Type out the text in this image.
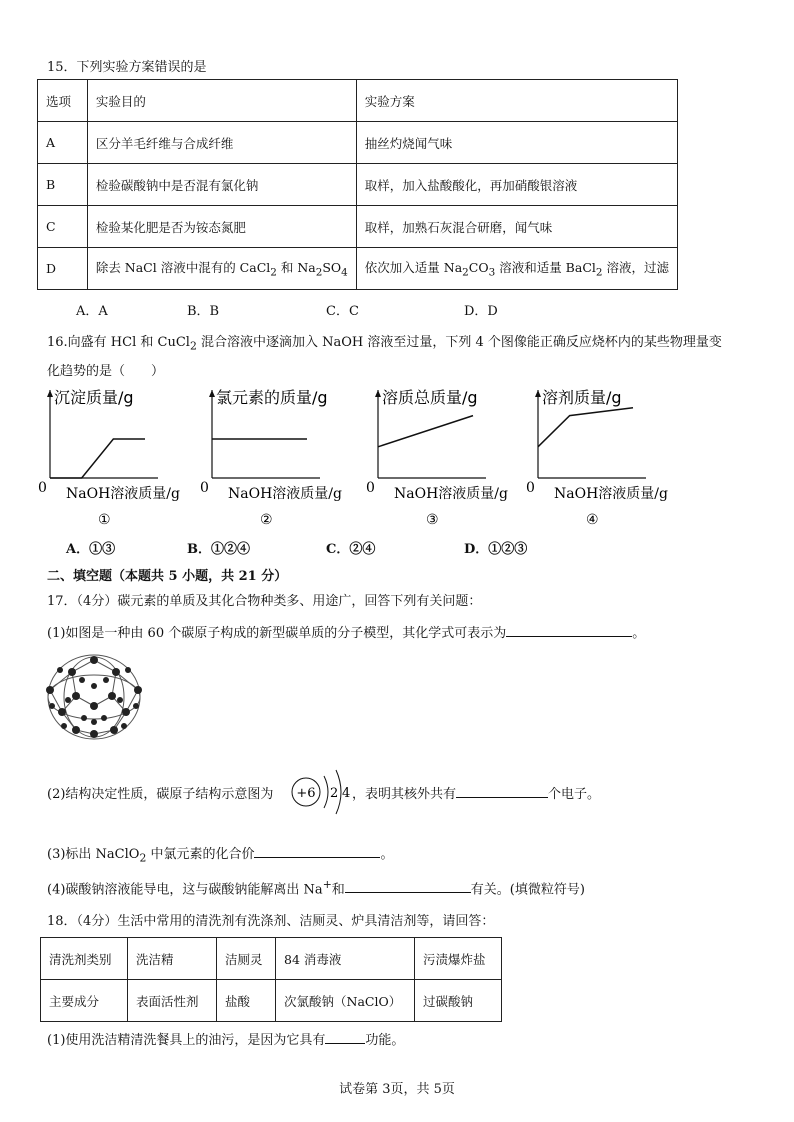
15．下列实验方案错误的是
选项	实验目的	实验方案
A	区分羊毛纤维与合成纤维	抽丝灼烧闻气味
B	检验碳酸钠中是否混有氯化钠	取样，加入盐酸酸化，再加硝酸银溶液
C	检验某化肥是否为铵态氮肥	取样，加熟石灰混合研磨，闻气味
D	除去 NaCl 溶液中混有的 CaCl$_2$ 和 $Na_2SO_4$	依次加入适量 $Na_2CO_3$ 溶液和适量 BaCl$_2$ 溶液，过滤
A．A	B．B	C．C	D．D
16.向盛有 HCl 和 CuCl$_2$ 混合溶液中逐滴加入 NaOH 溶液至过量，下列 4 个图像能正确反应烧杯内的某些物理量变
化趋势的是（　　）
沉淀质量/g
0 NaOH溶液质量/g
①
氯元素的质量/g
0 NaOH溶液质量/g
②
溶质总质量/g
0 NaOH溶液质量/g
③
溶剂质量/g
0 NaOH溶液质量/g
④
A．①③	B．①②④	C．②④	D．①②③
二、填空题（本题共 5 小题，共 21 分）
17．（4分）碳元素的单质及其化合物种类多、用途广，回答下列有关问题：
(1)如图是一种由 60 个碳原子构成的新型碳单质的分子模型，其化学式可表示为	。
(2)结构决定性质，碳原子结构示意图为 +6 2 4 ，表明其核外共有	个电子。
(3)标出 NaClO$_2$ 中氯元素的化合价	。
(4)碳酸钠溶液能导电，这与碳酸钠能解离出 Na+和	有关。(填微粒符号)
18．（4分）生活中常用的清洗剂有洗涤剂、洁厕灵、炉具清洁剂等，请回答：
清洗剂类别	洗洁精	洁厕灵	84 消毒液	污渍爆炸盐
主要成分	表面活性剂	盐酸	次氯酸钠（NaClO）	过碳酸钠
(1)使用洗洁精清洗餐具上的油污，是因为它具有	功能。
试卷第 3页，共 5页
